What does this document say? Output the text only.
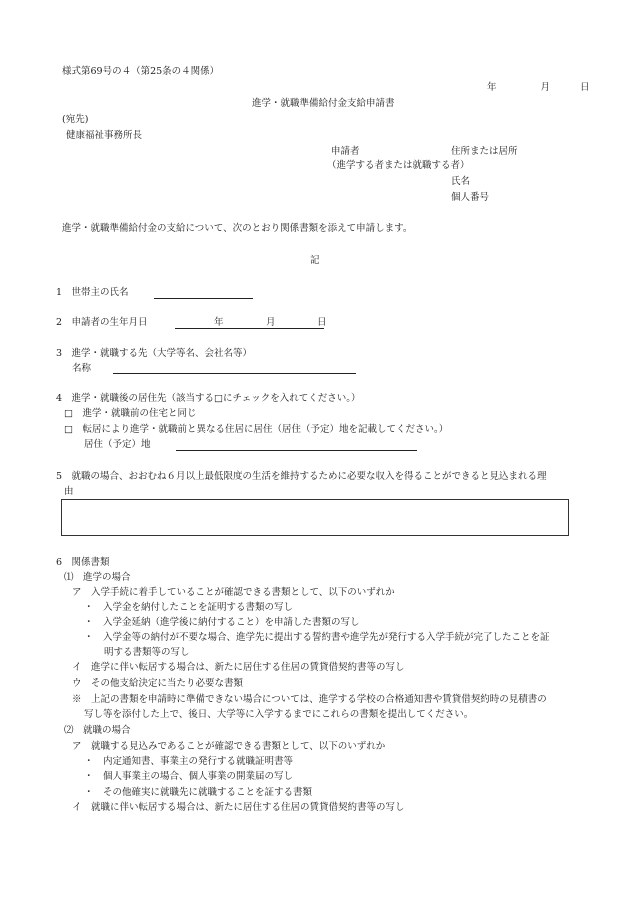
様式第69号の４（第25条の４関係）
年	月	日
進学・就職準備給付金支給申請書
(宛先)
健康福祉事務所長
申請者	住所または居所
（進学する者または就職する者）
氏名
個人番号
進学・就職準備給付金の支給について、次のとおり関係書類を添えて申請します。
記
1　世帯主の氏名
2　申請者の生年月日	年	月	日
3　進学・就職する先（大学等名、会社名等）
名称
4　進学・就職後の居住先（該当する□にチェックを入れてください。）
□　進学・就職前の住宅と同じ
□　転居により進学・就職前と異なる住居に居住（居住（予定）地を記載してください。）
居住（予定）地
5　就職の場合、おおむね６月以上最低限度の生活を維持するために必要な収入を得ることができると見込まれる理
由
6　関係書類
⑴　進学の場合
ア　入学手続に着手していることが確認できる書類として、以下のいずれか
・　入学金を納付したことを証明する書類の写し
・　入学金延納（進学後に納付すること）を申請した書類の写し
・　入学金等の納付が不要な場合、進学先に提出する誓約書や進学先が発行する入学手続が完了したことを証
明する書類等の写し
イ　進学に伴い転居する場合は、新たに居住する住居の賃貸借契約書等の写し
ウ　その他支給決定に当たり必要な書類
※　上記の書類を申請時に準備できない場合については、進学する学校の合格通知書や賃貸借契約時の見積書の
写し等を添付した上で、後日、大学等に入学するまでにこれらの書類を提出してください。
⑵　就職の場合
ア　就職する見込みであることが確認できる書類として、以下のいずれか
・　内定通知書、事業主の発行する就職証明書等
・　個人事業主の場合、個人事業の開業届の写し
・　その他確実に就職先に就職することを証する書類
イ　就職に伴い転居する場合は、新たに居住する住居の賃貸借契約書等の写し
